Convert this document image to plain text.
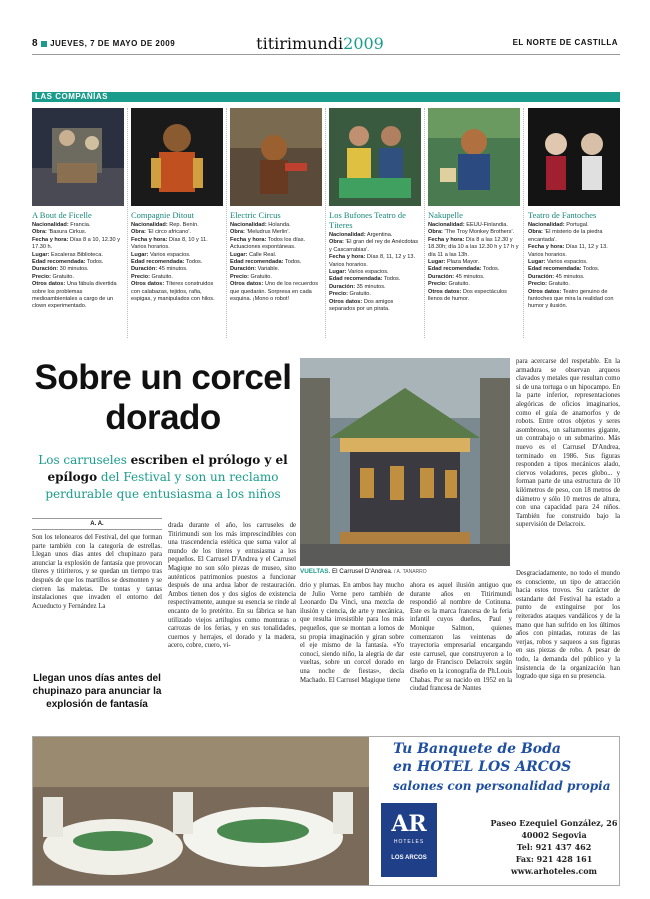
8 JUEVES, 7 DE MAYO DE 2009	titirimundi2009	EL NORTE DE CASTILLA
LAS COMPAÑÍAS
A Bout de Ficelle
Nacionalidad: Francia.
Obra: 'Basura Cirkus.
Fecha y hora: Días 8 a 10, 12.30 y 17.30 h.
Lugar: Escaleras Biblioteca.
Edad recomendada: Todos.
Duración: 30 minutos.
Precio: Gratuito.
Otros datos: Una fábula divertida sobre los problemas medioambientales a cargo de un clown experimentado.
Compagnie Ditout
Nacionalidad: Rep. Benín.
Obra: 'El circo africano'.
Fecha y hora: Días 8, 10 y 11. Varios horarios.
Lugar: Varios espacios.
Edad recomendada: Todos.
Duración: 45 minutos.
Precio: Gratuito.
Otros datos: Títeres construidos con calabazas, tejidos, rafia, espigas, y manipulados con hilos.
Electric Circus
Nacionalidad: Holanda.
Obra: 'Meludrus Merlin'.
Fecha y hora: Todos los días. Actuaciones espontáneas.
Lugar: Calle Real.
Edad recomendada: Todos.
Duración: Variable.
Precio: Gratuito.
Otros datos: Uno de los recuerdos que quedarán. Sorpresa en cada esquina. ¡Mono o robot!
Los Bufones Teatro de Títeres
Nacionalidad: Argentina.
Obra: 'El gran del rey de Anécdotas y Cascarrabias'.
Fecha y hora: Días 8, 11, 12 y 13. Varios horarios.
Lugar: Varios espacios.
Edad recomendada: Todos.
Duración: 35 minutos.
Precio: Gratuito.
Otros datos: Dos amigos separados por un pirata.
Nakupelle
Nacionalidad: EEUU-Finlandia.
Obra: 'The Troy Monkey Brothers'.
Fecha y hora: Día 8 a las 12.30 y 18.30h; día 10 a las 12.30 h y 17 h y día 11 a las 13h.
Lugar: Plaza Mayor.
Edad recomendada: Todos.
Duración: 45 minutos.
Precio: Gratuito.
Otros datos: Dos espectáculos llenos de humor.
Teatro de Fantoches
Nacionalidad: Portugal.
Obra: 'El misterio de la piedra encantada'.
Fecha y hora: Días 11, 12 y 13. Varios horarios.
Lugar: Varios espacios.
Edad recomendada: Todos.
Duración: 45 minutos.
Precio: Gratuito.
Otros datos: Teatro genuino de fantoches que mira la realidad con humor y ilusión.
Sobre un corcel dorado
Los carruseles escriben el prólogo y el epílogo del Festival y son un reclamo perdurable que entusiasma a los niños
A. A.
Son los telonearos del Festival, del que forman parte también con la categoría de estrellas. Llegan unos días antes del chupinazo para anunciar la explosión de fantasía que provocan títeres y titiriteros, y se quedan un tiempo tras después de que los martillos se desmonten y se cierren las maletas. De tontas y tantas instalaciones que invaden el entorno del Acueducto y Fernández La
Llegan unos días antes del chupinazo para anunciar la explosión de fantasía
drada durante el año, los carruseles de Titirimundi son los más imprescindibles con una trascendencia estética que suma valor al mundo de los títeres y entusiasma a los pequeños. El Carrusel D'Andrea y el Carrusel Magique no son sólo piezas de museo, sino auténticos patrimonios puestos a funcionar después de una ardua labor de restauración. Ambos tienen dos y dos siglos de existencia respectivamente, aunque su esencia se rinde al encanto de lo pretérito. En su fábrica se han utilizado viejos artilugios como monturas o carrozas de los ferias, y en sus tonalidades, cuernos y herrajes, el dorado y la madera, acero, cobre, cuero, vi-
drio y plumas. En ambos hay mucho de Julio Verne pero también de Leonardo Da Vinci, una mezcla de ilusión y ciencia, de arte y mecánica, que resulta irresistible para los más pequeños, que se montan a lomos de su propia imaginación y giran sobre el eje mismo de la fantasía. «Yo conocí, siendo niño, la alegría de dar vueltas, sobre un corcel dorado en una noche de fiestas», decía Machado. El Carrusel Magique tiene
ahora es aquel ilusión antiguo que durante años en Titirimundi respondió al nombre de Cotinuna. Este es la marca francesa de la feria infantil cuyos dueños, Paul y Monique Salmon, quienes comenzaron las veintenas de trayectoria empresarial encargando este carrusel, que construyeron a lo largo de Francisco Delacroix según diseño en la iconografía de Ph.Louis Chabas. Por su nacido en 1952 en la ciudad francesa de Nantes
para acercarse del respetable. En la armadura se observan arqueos clavados y metales que resultan como si de una tortuga o un hipocampo. En la parte inferior, representaciones alegóricas de oficios imaginarios, como el guía de anamorfos y de robots. Entre otros objetos y seres asombrosos, un saltamontes gigante, un contrabajo o un submarino. Más nuevo es el Carrusel D'Andrea, terminado en 1986. Sus figuras responden a tipos mecánicos alado, ciervos voladores, peces globo... y forman parte de una estructura de 10 kilómetros de peso, con 18 metros de diámetro y sólo 10 metros de altura, con una capacidad para 24 niños. También fue construido bajo la supervisión de Delacroix.
Desgraciadamente, no todo el mundo es consciente, un tipo de atracción hacia estos trovos. Su carácter de estandarte del Festival ha estado a punto de extinguirse por los reiterados ataques vandálicos y de la mano que han sufrido en los últimos años con pintadas, roturas de las verjas, robos y saqueos a sus figuras en sus piezas de robo. A pesar de todo, la demanda del público y la insistencia de la organización han logrado que siga en su presencia.
VUELTAS. El Carrusel D'Andrea. / A. TANARRO
Tu Banquete de Boda
en HOTEL LOS ARCOS
salones con personalidad propia
AR
HOTELES
LOS ARCOS
Paseo Ezequiel González, 26
40002 Segovia
Tel: 921 437 462
Fax: 921 428 161
www.arhoteles.com
